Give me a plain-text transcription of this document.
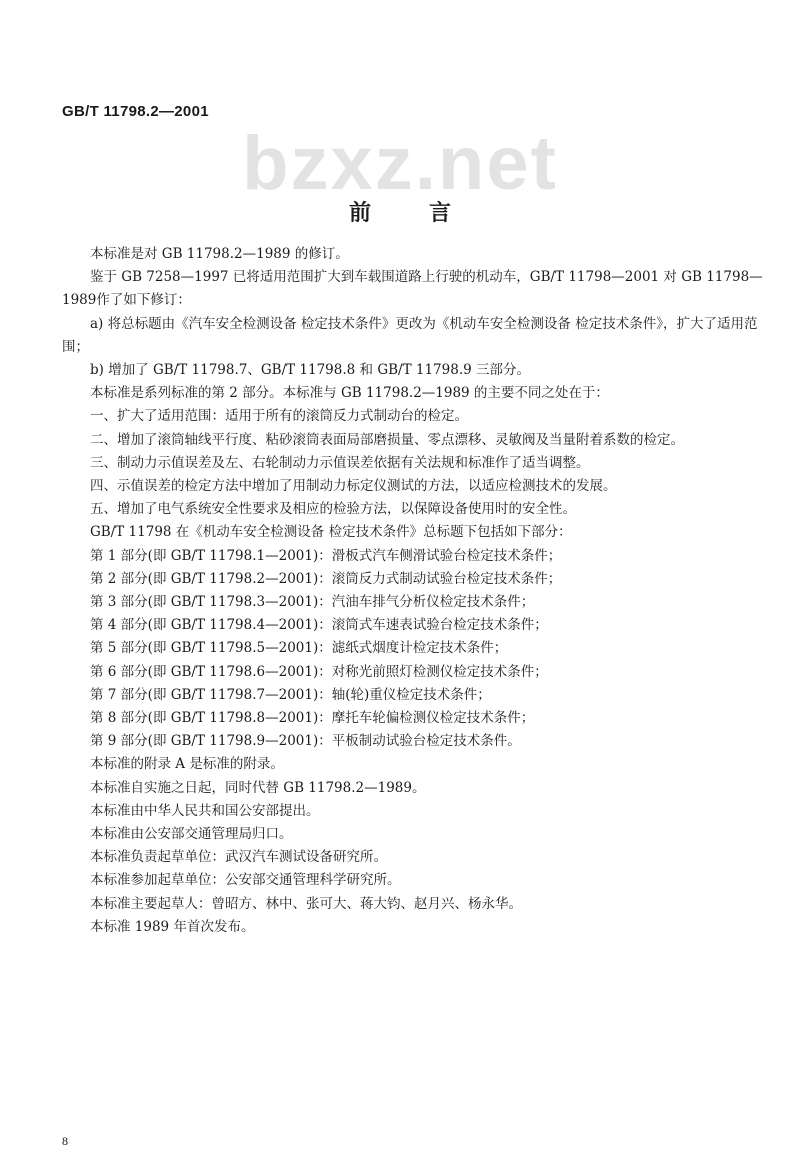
GB/T 11798.2—2001
bzxz.net
前言

本标准是对 GB 11798.2—1989 的修订。

鉴于 GB 7258—1997 已将适用范围扩大到车载围道路上行驶的机动车，GB/T 11798—2001 对 GB 11798—1989作了如下修订：

a) 将总标题由《汽车安全检测设备 检定技术条件》更改为《机动车安全检测设备 检定技术条件》，扩大了适用范围；

b) 增加了 GB/T 11798.7、GB/T 11798.8 和 GB/T 11798.9 三部分。

本标准是系列标准的第 2 部分。本标准与 GB 11798.2—1989 的主要不同之处在于：

一、扩大了适用范围：适用于所有的滚筒反力式制动台的检定。

二、增加了滚筒轴线平行度、粘砂滚筒表面局部磨损量、零点漂移、灵敏阀及当量附着系数的检定。

三、制动力示值误差及左、右轮制动力示值误差依据有关法规和标准作了适当调整。

四、示值误差的检定方法中增加了用制动力标定仪测试的方法，以适应检测技术的发展。

五、增加了电气系统安全性要求及相应的检验方法，以保障设备使用时的安全性。

GB/T 11798 在《机动车安全检测设备 检定技术条件》总标题下包括如下部分：

第 1 部分(即 GB/T 11798.1—2001)：滑板式汽车侧滑试验台检定技术条件；

第 2 部分(即 GB/T 11798.2—2001)：滚筒反力式制动试验台检定技术条件；

第 3 部分(即 GB/T 11798.3—2001)：汽油车排气分析仪检定技术条件；

第 4 部分(即 GB/T 11798.4—2001)：滚筒式车速表试验台检定技术条件；

第 5 部分(即 GB/T 11798.5—2001)：滤纸式烟度计检定技术条件；

第 6 部分(即 GB/T 11798.6—2001)：对称光前照灯检测仪检定技术条件；

第 7 部分(即 GB/T 11798.7—2001)：轴(轮)重仪检定技术条件；

第 8 部分(即 GB/T 11798.8—2001)：摩托车轮偏检测仪检定技术条件；

第 9 部分(即 GB/T 11798.9—2001)：平板制动试验台检定技术条件。

本标准的附录 A 是标准的附录。

本标准自实施之日起，同时代替 GB 11798.2—1989。

本标准由中华人民共和国公安部提出。

本标准由公安部交通管理局归口。

本标准负责起草单位：武汉汽车测试设备研究所。

本标准参加起草单位：公安部交通管理科学研究所。

本标准主要起草人：曾昭方、林中、张可大、蒋大钧、赵月兴、杨永华。

本标准 1989 年首次发布。

8
